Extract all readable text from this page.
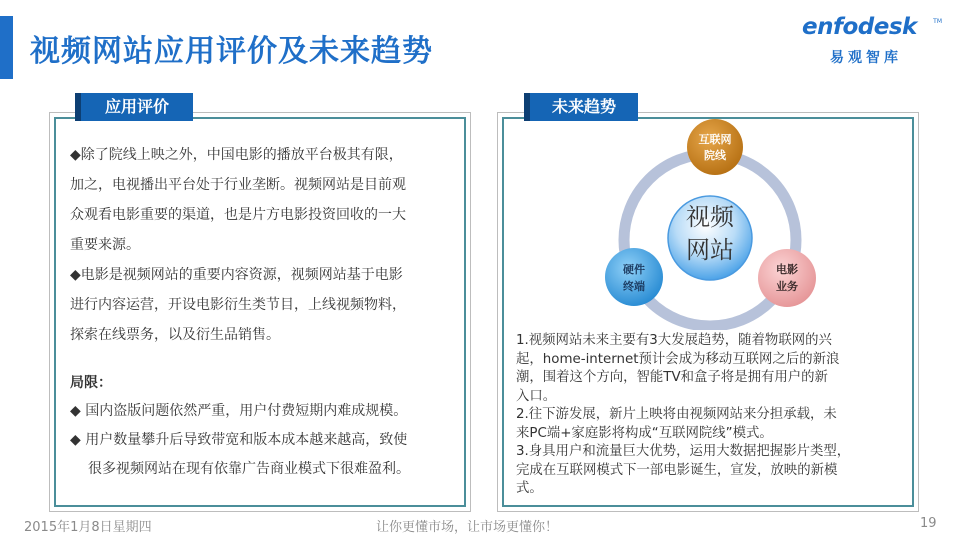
视频网站应用评价及未来趋势
enfodesk	TM
易观智库
应用评价

◆除了院线上映之外，中国电影的播放平台极其有限，
加之，电视播出平台处于行业垄断。视频网站是目前观
众观看电影重要的渠道，也是片方电影投资回收的一大
重要来源。

◆电影是视频网站的重要内容资源，视频网站基于电影
进行内容运营，开设电影衍生类节目，上线视频物料，
探索在线票务，以及衍生品销售。

局限：

◆ 国内盗版问题依然严重，用户付费短期内难成规模。

◆ 用户数量攀升后导致带宽和版本成本越来越高，致使

很多视频网站在现有依靠广告商业模式下很难盈利。

未来趋势
视频
网站
互联网
院线
硬件
终端
电影
业务

1.视频网站未来主要有3大发展趋势，随着物联网的兴

起，home-internet预计会成为移动互联网之后的新浪

潮，围着这个方向，智能TV和盒子将是拥有用户的新

入口。

2.往下游发展，新片上映将由视频网站来分担承载，未

来PC端+家庭影将构成“互联网院线”模式。

3.身具用户和流量巨大优势，运用大数据把握影片类型，

完成在互联网模式下一部电影诞生，宣发，放映的新模

式。

2015年1月8日星期四	让你更懂市场，让市场更懂你！	19
